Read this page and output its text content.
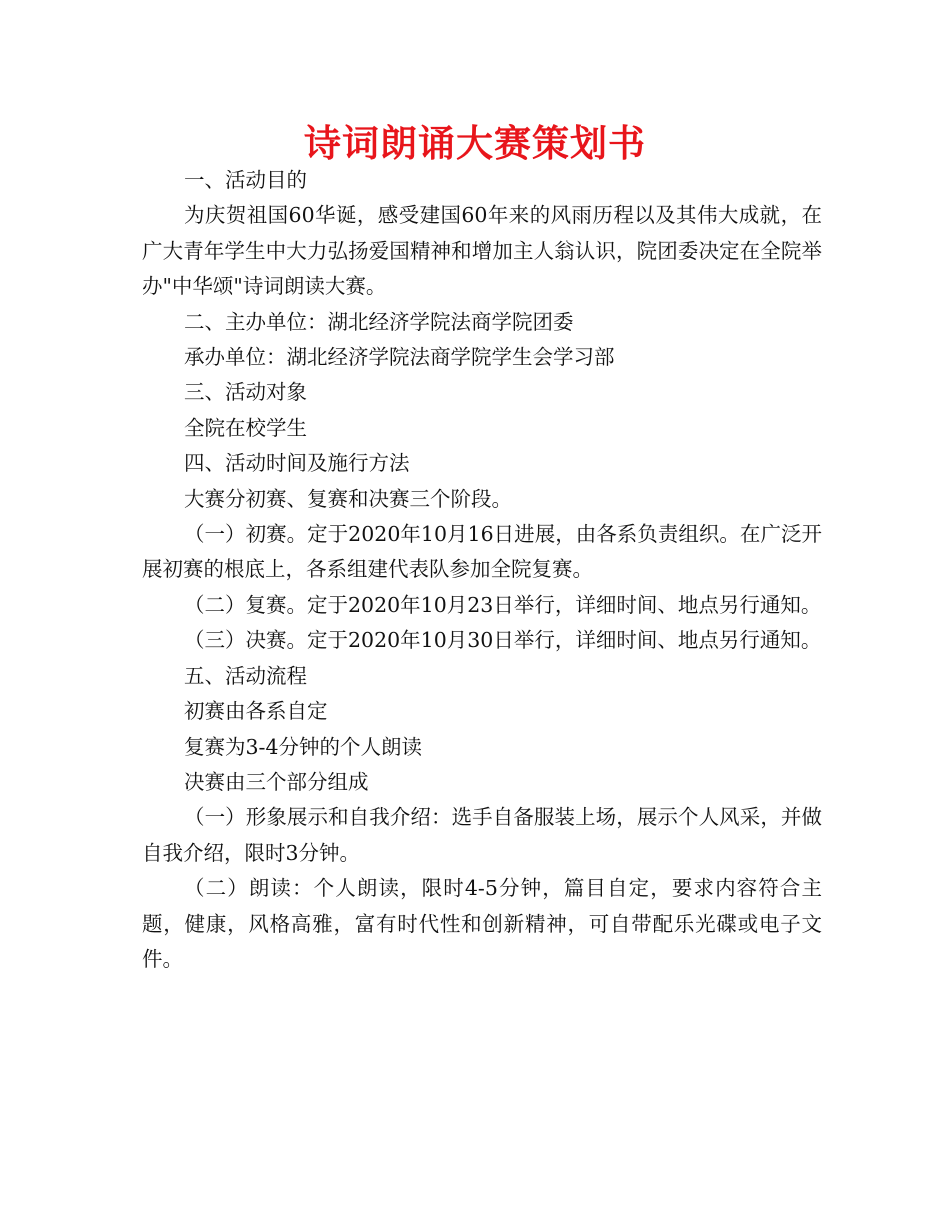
诗词朗诵大赛策划书

一、活动目的

为庆贺祖国60华诞，感受建国60年来的风雨历程以及其伟大成就，在广大青年学生中大力弘扬爱国精神和增加主人翁认识，院团委决定在全院举办"中华颂"诗词朗读大赛。

二、主办单位：湖北经济学院法商学院团委

承办单位：湖北经济学院法商学院学生会学习部

三、活动对象

全院在校学生

四、活动时间及施行方法

大赛分初赛、复赛和决赛三个阶段。

（一）初赛。定于2020年10月16日进展，由各系负责组织。在广泛开展初赛的根底上，各系组建代表队参加全院复赛。

（二）复赛。定于2020年10月23日举行，详细时间、地点另行通知。

（三）决赛。定于2020年10月30日举行，详细时间、地点另行通知。

五、活动流程

初赛由各系自定

复赛为3-4分钟的个人朗读

决赛由三个部分组成

（一）形象展示和自我介绍：选手自备服装上场，展示个人风采，并做自我介绍，限时3分钟。

（二）朗读：个人朗读，限时4-5分钟，篇目自定，要求内容符合主题，健康，风格高雅，富有时代性和创新精神，可自带配乐光碟或电子文件。
